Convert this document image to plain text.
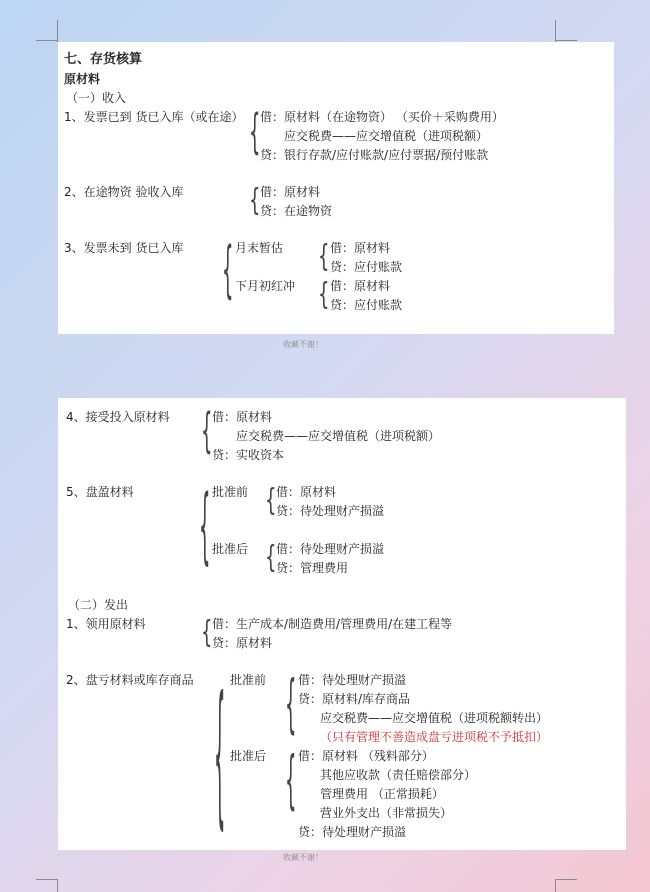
七、存货核算
原材料
（一）收入
1、发票已到 货已入库（或在途） { 借：原材料（在途物资） （买价＋采购费用）
应交税费——应交增值税（进项税额）
贷：银行存款/应付账款/应付票据/预付账款
2、在途物资 验收入库	{ 借：原材料
贷：在途物资
3、发票未到 货已入库 { 月末暂估 { 借：原材料
贷：应付账款
下月初红冲 { 借：原材料
贷：应付账款
收藏不谢！
4、接受投入原材料 { 借：原材料
应交税费——应交增值税（进项税额）
贷：实收资本
5、盘盈材料	{ 批准前 { 借：原材料
贷：待处理财产损溢
批准后 { 借：待处理财产损溢
贷：管理费用
（二）发出
1、领用原材料	{ 借：生产成本/制造费用/管理费用/在建工程等
贷：原材料
2、盘亏材料或库存商品 { 批准前 { 借：待处理财产损溢
贷：原材料/库存商品
应交税费——应交增值税（进项税额转出）
（只有管理不善造成盘亏进项税不予抵扣）
批准后 { 借：原材料 （残料部分）
其他应收款（责任赔偿部分）
管理费用 （正常损耗）
营业外支出（非常损失）
贷：待处理财产损溢
收藏不谢！
